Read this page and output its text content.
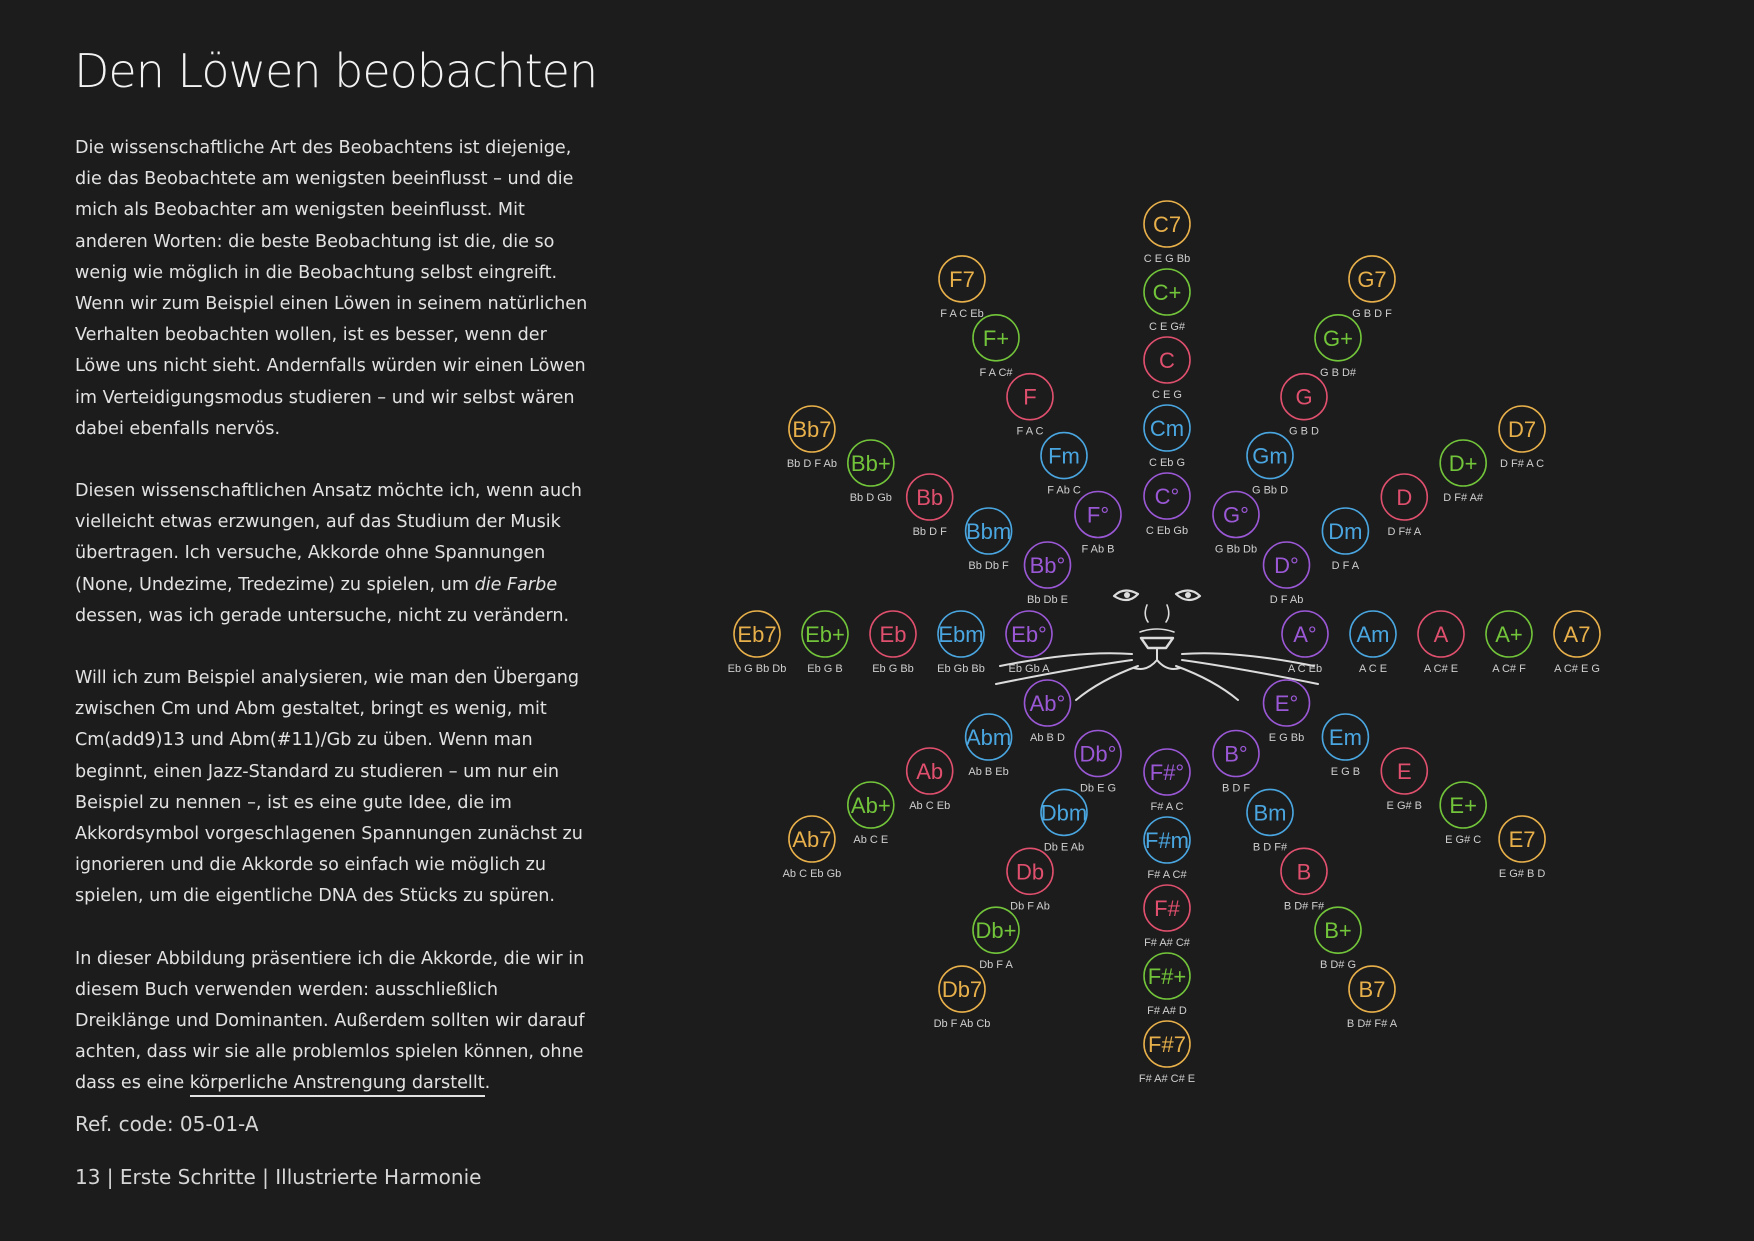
Den Löwen beobachten

Die wissenschaftliche Art des Beobachtens ist diejenige, die das Beobachtete am wenigsten beeinflusst – und die mich als Beobachter am wenigsten beeinflusst. Mit anderen Worten: die beste Beobachtung ist die, die so wenig wie möglich in die Beobachtung selbst eingreift.

Wenn wir zum Beispiel einen Löwen in seinem natürlichen Verhalten beobachten wollen, ist es besser, wenn der Löwe uns nicht sieht. Andernfalls würden wir einen Löwen im Verteidigungsmodus studieren – und wir selbst wären dabei ebenfalls nervös.

Diesen wissenschaftlichen Ansatz möchte ich, wenn auch vielleicht etwas erzwungen, auf das Studium der Musik übertragen. Ich versuche, Akkorde ohne Spannungen (None, Undezime, Tredezime) zu spielen, um die Farbe dessen, was ich gerade untersuche, nicht zu verändern.

Will ich zum Beispiel analysieren, wie man den Übergang zwischen Cm und Abm gestaltet, bringt es wenig, mit Cm(add9)13 und Abm(#11)/Gb zu üben. Wenn man beginnt, einen Jazz-Standard zu studieren – um nur ein Beispiel zu nennen –, ist es eine gute Idee, die im Akkordsymbol vorgeschlagenen Spannungen zunächst zu ignorieren und die Akkorde so einfach wie möglich zu spielen, um die eigentliche DNA des Stücks zu spüren.

In dieser Abbildung präsentiere ich die Akkorde, die wir in diesem Buch verwenden werden: ausschließlich Dreiklänge und Dominanten. Außerdem sollten wir darauf achten, dass wir sie alle problemlos spielen können, ohne dass es eine körperliche Anstrengung darstellt.

Ref. code: 05-01-A
13 | Erste Schritte | Illustrierte Harmonie
C7
C E G Bb
C+
C E G#
C
C E G
Cm
C Eb G
C°
C Eb Gb
G7
G B D F
G+
G B D#
G
G B D
Gm
G Bb D
G°
G Bb Db
D7
D F# A C
D+
D F# A#
D
D F# A
Dm
D F A
D°
D F Ab
A7
A C# E G
A+
A C# F
A
A C# E
Am
A C E
A°
A C Eb
E7
E G# B D
E+
E G# C
E
E G# B
Em
E G B
E°
E G Bb
B7
B D# F# A
B+
B D# G
B
B D# F#
Bm
B D F#
B°
B D F
F#7
F# A# C# E
F#+
F# A# D
F#
F# A# C#
F#m
F# A C#
F#°
F# A C
Db7
Db F Ab Cb
Db+
Db F A
Db
Db F Ab
Dbm
Db E Ab
Db°
Db E G
Ab7
Ab C Eb Gb
Ab+
Ab C E
Ab
Ab C Eb
Abm
Ab B Eb
Ab°
Ab B D
Eb7
Eb G Bb Db
Eb+
Eb G B
Eb
Eb G Bb
Ebm
Eb Gb Bb
Eb°
Eb Gb A
Bb7
Bb D F Ab Bb+
Bb D Gb Bb
Bb D F Bbm
Bb Db F Bb°
Bb Db E
F7
F A C Eb
F+
F A C#
F
F A C
Fm
F Ab C
F°
F Ab B
